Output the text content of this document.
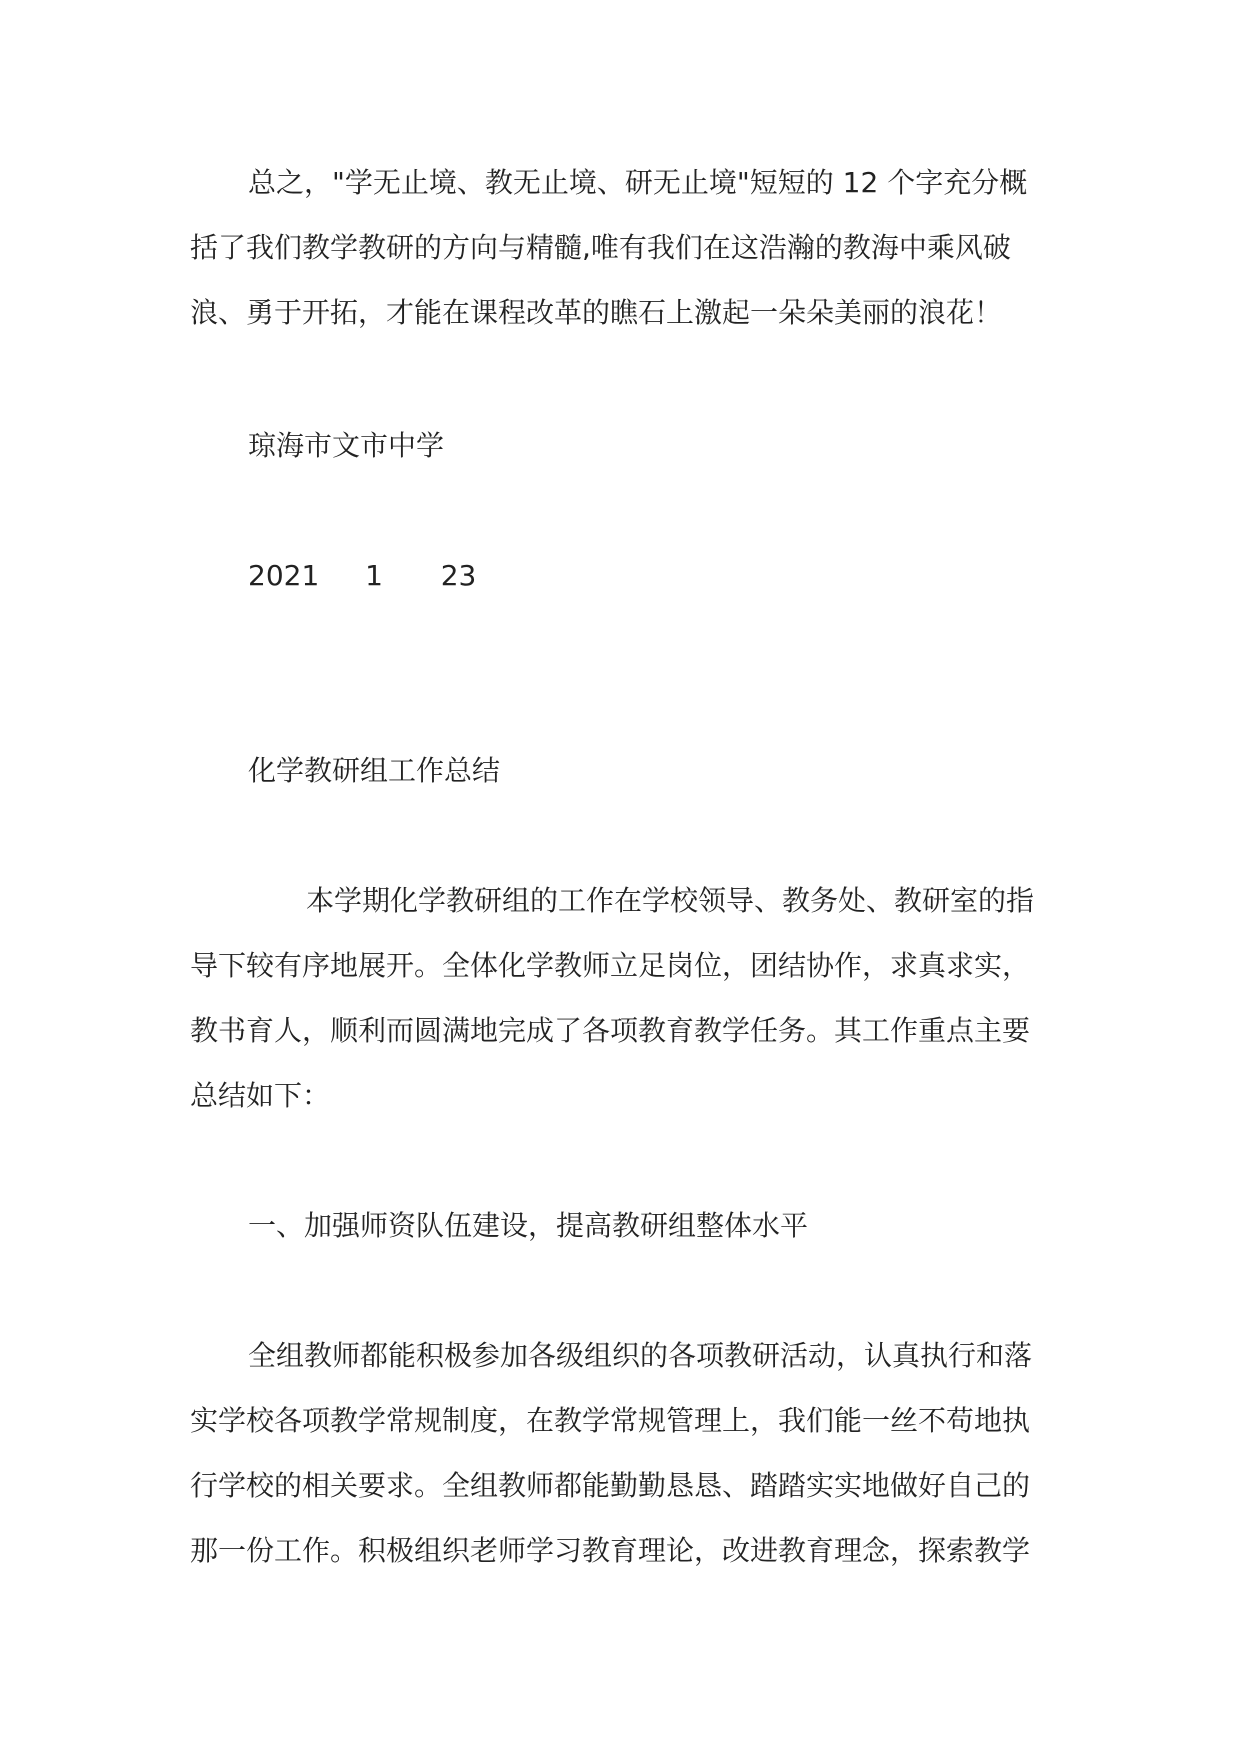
总之，"学无止境、教无止境、研无止境"短短的 12 个字充分概
括了我们教学教研的方向与精髓,唯有我们在这浩瀚的教海中乘风破
浪、勇于开拓，才能在课程改革的瞧石上激起一朵朵美丽的浪花！
琼海市文市中学
2021 1 23
化学教研组工作总结
本学期化学教研组的工作在学校领导、教务处、教研室的指
导下较有序地展开。全体化学教师立足岗位，团结协作，求真求实，
教书育人，顺利而圆满地完成了各项教育教学任务。其工作重点主要
总结如下：
一、加强师资队伍建设，提高教研组整体水平
全组教师都能积极参加各级组织的各项教研活动，认真执行和落
实学校各项教学常规制度，在教学常规管理上，我们能一丝不苟地执
行学校的相关要求。全组教师都能勤勤恳恳、踏踏实实地做好自己的
那一份工作。积极组织老师学习教育理论，改进教育理念，探索教学
